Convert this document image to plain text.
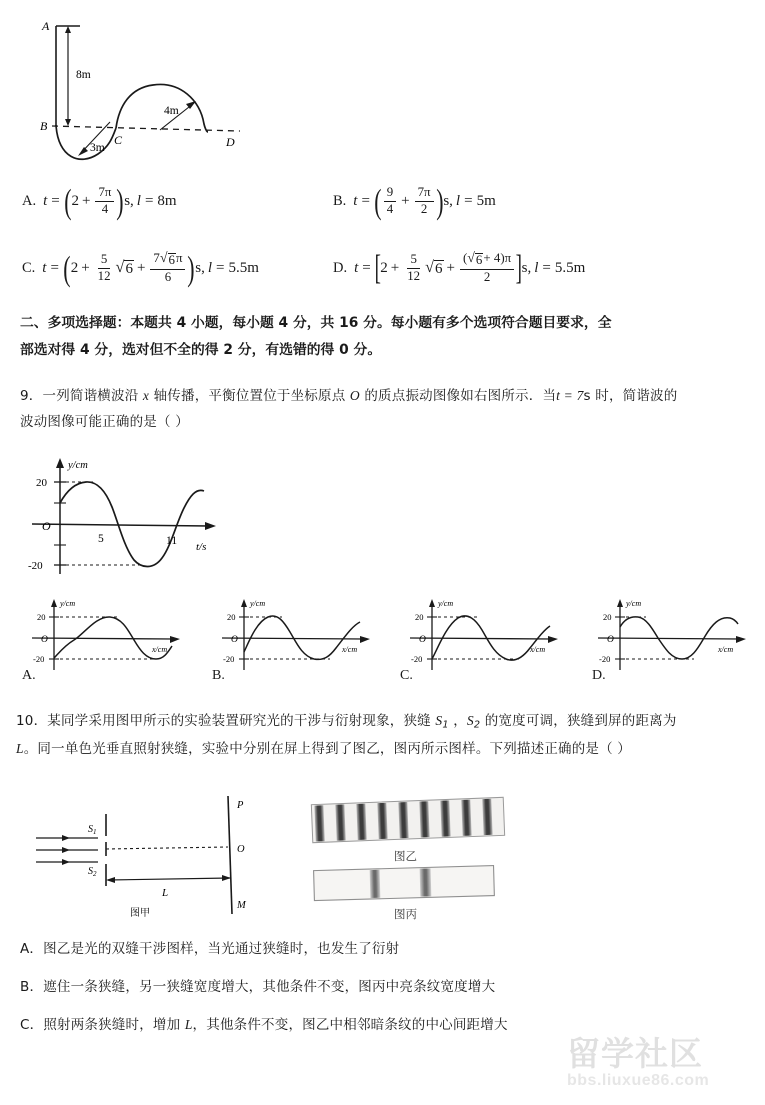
A
B
C	D
8m
3m
4m
A. t = ( $2 + \frac{7\pi}{4}$ ) s, l = 8m	B. t = ( $\frac{9}{4} + \frac{7\pi}{2}$ ) s, l = 5m
C. t = ( $2 + \frac{5}{12}$ √ $6 + \frac{7 √ 6 \pi}{6}$ ) s, l = 5.5m	D. t = [ $2 + \frac{5}{12}$ √ $6 + \frac{( √ 6 + 4)\pi}{2}$ ] s, l = 5.5m
二、多项选择题：本题共 4 小题，每小题 4 分，共 16 分。每小题有多个选项符合题目要求，全
部选对得 4 分，选对但不全的得 2 分，有选错的得 0 分。
9．一列简谐横波沿 x 轴传播，平衡位置位于坐标原点 O 的质点振动图像如右图所示．当t = 7s 时，简谐波的
波动图像可能正确的是（ ）
y/cm
20
-20
O
5	11 t/s
y/cm
20
-20
O
x/cm
A.
y/cm
20
-20
O
x/cm
B.
y/cm
20
-20
O
x/cm
C.
y/cm
20
-20
O
x/cm
D.
10．某同学采用图甲所示的实验装置研究光的干涉与衍射现象，狭缝 $S_1$ ，$S_2$ 的宽度可调，狭缝到屏的距离为
L。同一单色光垂直照射狭缝，实验中分别在屏上得到了图乙，图丙所示图样。下列描述正确的是（ ）
$S_1$
$S_2$
P
O
M
L
图甲
图乙
图丙
A．图乙是光的双缝干涉图样，当光通过狭缝时，也发生了衍射
B．遮住一条狭缝，另一狭缝宽度增大，其他条件不变，图丙中亮条纹宽度增大
C．照射两条狭缝时，增加 L，其他条件不变，图乙中相邻暗条纹的中心间距增大
留学社区
bbs.liuxue86.com
